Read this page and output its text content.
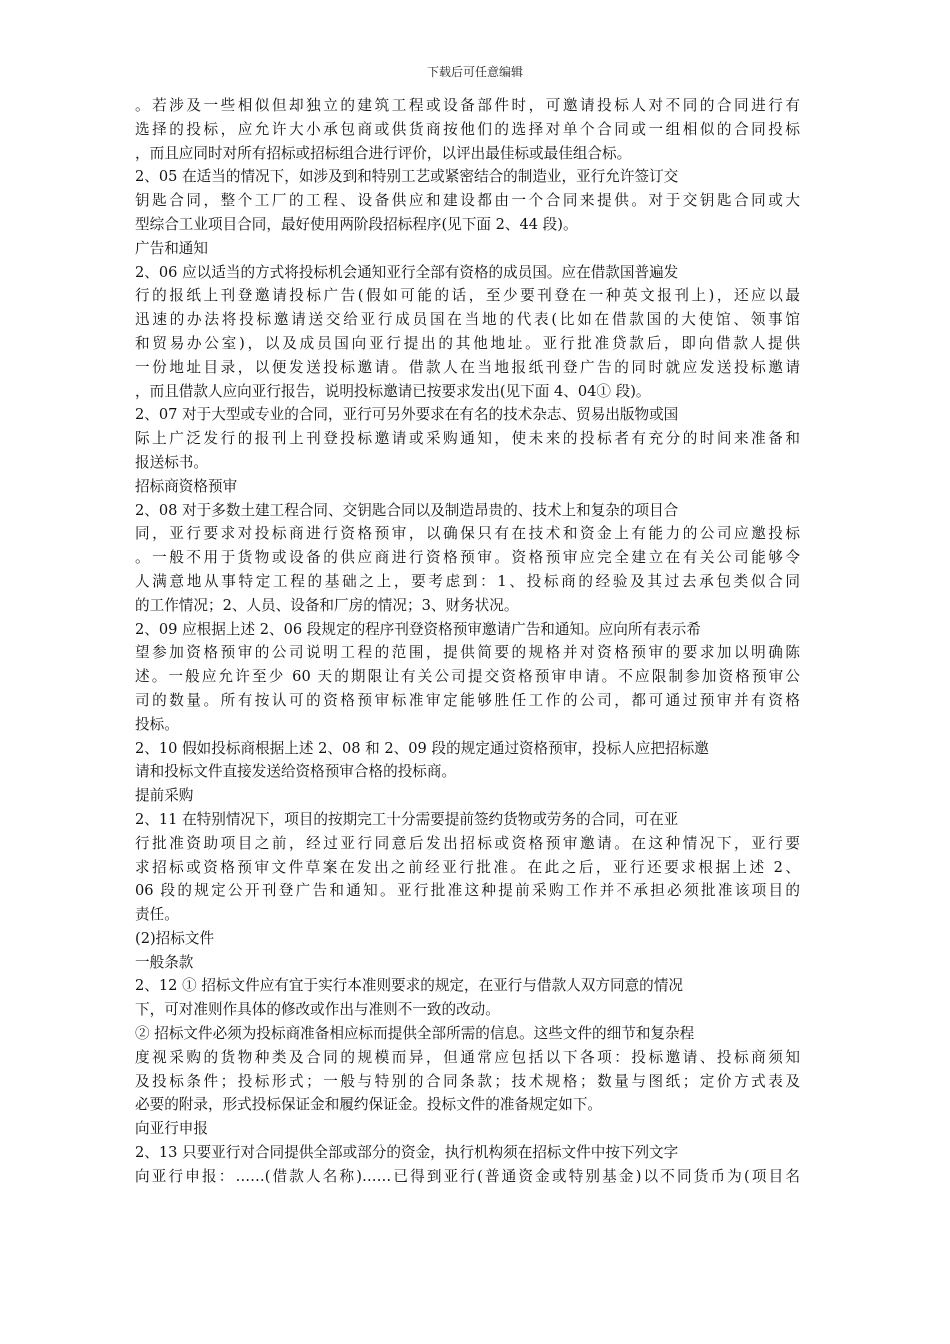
下载后可任意编辑
。若涉及一些相似但却独立的建筑工程或设备部件时，可邀请投标人对不同的合同进行有
选择的投标，应允许大小承包商或供货商按他们的选择对单个合同或一组相似的合同投标
，而且应同时对所有招标或招标组合进行评价，以评出最佳标或最佳组合标。
2、05 在适当的情况下，如涉及到和特别工艺或紧密结合的制造业，亚行允许签订交
钥匙合同，整个工厂的工程、设备供应和建设都由一个合同来提供。对于交钥匙合同或大
型综合工业项目合同，最好使用两阶段招标程序(见下面 2、44 段)。
广告和通知
2、06 应以适当的方式将投标机会通知亚行全部有资格的成员国。应在借款国普遍发
行的报纸上刊登邀请投标广告(假如可能的话，至少要刊登在一种英文报刊上)，还应以最
迅速的办法将投标邀请送交给亚行成员国在当地的代表(比如在借款国的大使馆、领事馆
和贸易办公室)，以及成员国向亚行提出的其他地址。亚行批准贷款后，即向借款人提供
一份地址目录，以便发送投标邀请。借款人在当地报纸刊登广告的同时就应发送投标邀请
，而且借款人应向亚行报告，说明投标邀请已按要求发出(见下面 4、04① 段)。
2、07 对于大型或专业的合同，亚行可另外要求在有名的技术杂志、贸易出版物或国
际上广泛发行的报刊上刊登投标邀请或采购通知，使未来的投标者有充分的时间来准备和
报送标书。
招标商资格预审
2、08 对于多数土建工程合同、交钥匙合同以及制造昂贵的、技术上和复杂的项目合
同，亚行要求对投标商进行资格预审，以确保只有在技术和资金上有能力的公司应邀投标
。一般不用于货物或设备的供应商进行资格预审。资格预审应完全建立在有关公司能够令
人满意地从事特定工程的基础之上，要考虑到：1、投标商的经验及其过去承包类似合同
的工作情况；2、人员、设备和厂房的情况；3、财务状况。
2、09 应根据上述 2、06 段规定的程序刊登资格预审邀请广告和通知。应向所有表示希
望参加资格预审的公司说明工程的范围，提供简要的规格并对资格预审的要求加以明确陈
述。一般应允许至少 60 天的期限让有关公司提交资格预审申请。不应限制参加资格预审公
司的数量。所有按认可的资格预审标准审定能够胜任工作的公司，都可通过预审并有资格
投标。
2、10 假如投标商根据上述 2、08 和 2、09 段的规定通过资格预审，投标人应把招标邀
请和投标文件直接发送给资格预审合格的投标商。
提前采购
2、11 在特别情况下，项目的按期完工十分需要提前签约货物或劳务的合同，可在亚
行批准资助项目之前，经过亚行同意后发出招标或资格预审邀请。在这种情况下，亚行要
求招标或资格预审文件草案在发出之前经亚行批准。在此之后，亚行还要求根据上述 2、
06 段的规定公开刊登广告和通知。亚行批准这种提前采购工作并不承担必须批准该项目的
责任。
(2)招标文件
一般条款
2、12 ① 招标文件应有宜于实行本准则要求的规定，在亚行与借款人双方同意的情况
下，可对准则作具体的修改或作出与准则不一致的改动。
② 招标文件必须为投标商准备相应标而提供全部所需的信息。这些文件的细节和复杂程
度视采购的货物种类及合同的规模而异，但通常应包括以下各项：投标邀请、投标商须知
及投标条件；投标形式；一般与特别的合同条款；技术规格；数量与图纸；定价方式表及
必要的附录，形式投标保证金和履约保证金。投标文件的准备规定如下。
向亚行申报
2、13 只要亚行对合同提供全部或部分的资金，执行机构须在招标文件中按下列文字
向亚行申报：……(借款人名称)……已得到亚行(普通资金或特别基金)以不同货币为(项目名
